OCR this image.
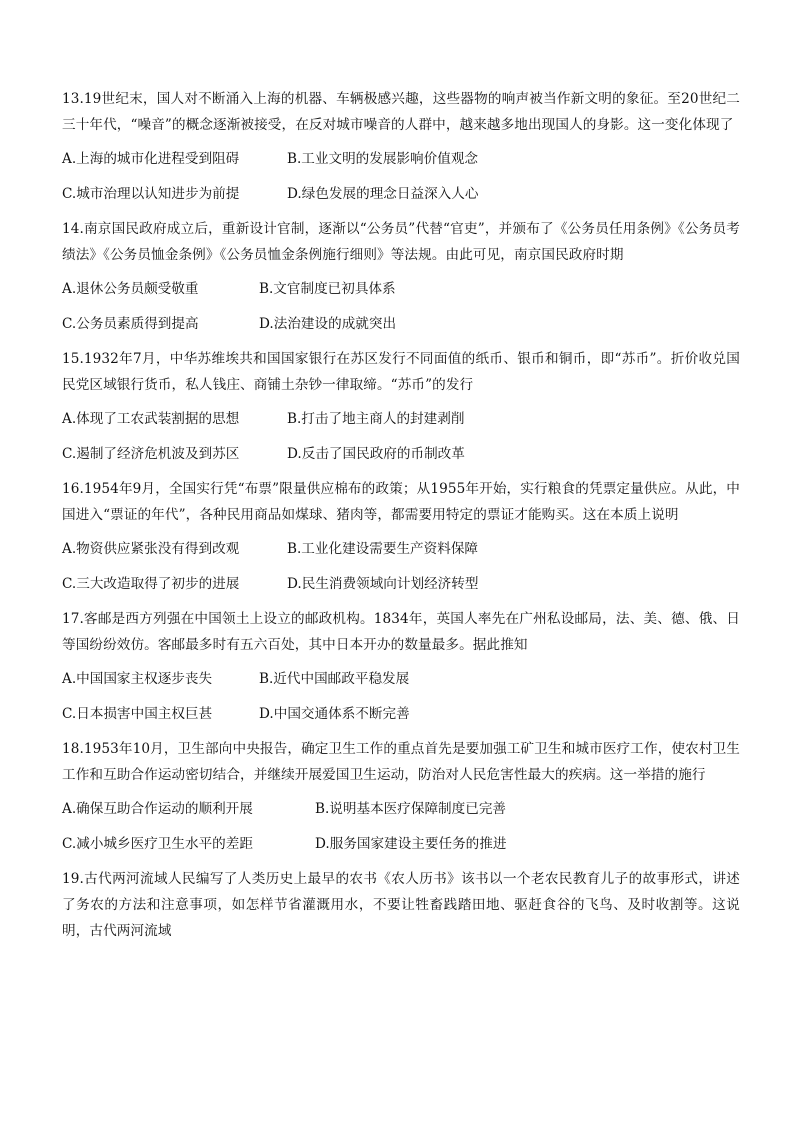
13.19世纪末，国人对不断涌入上海的机器、车辆极感兴趣，这些器物的响声被当作新文明的象征。至20世纪二三十年代，“噪音”的概念逐渐被接受，在反对城市噪音的人群中，越来越多地出现国人的身影。这一变化体现了

A.上海的城市化进程受到阻碍	B.工业文明的发展影响价值观念
C.城市治理以认知进步为前提	D.绿色发展的理念日益深入人心

14.南京国民政府成立后，重新设计官制，逐渐以“公务员”代替“官吏”，并颁布了《公务员任用条例》《公务员考绩法》《公务员恤金条例》《公务员恤金条例施行细则》等法规。由此可见，南京国民政府时期

A.退休公务员颇受敬重	B.文官制度已初具体系
C.公务员素质得到提高	D.法治建设的成就突出

15.1932年7月，中华苏维埃共和国国家银行在苏区发行不同面值的纸币、银币和铜币，即“苏币”。折价收兑国民党区域银行货币，私人钱庄、商铺土杂钞一律取缔。“苏币”的发行

A.体现了工农武装割据的思想	B.打击了地主商人的封建剥削
C.遏制了经济危机波及到苏区	D.反击了国民政府的币制改革

16.1954年9月，全国实行凭“布票”限量供应棉布的政策；从1955年开始，实行粮食的凭票定量供应。从此，中国进入“票证的年代”，各种民用商品如煤球、猪肉等，都需要用特定的票证才能购买。这在本质上说明

A.物资供应紧张没有得到改观	B.工业化建设需要生产资料保障
C.三大改造取得了初步的进展	D.民生消费领域向计划经济转型

17.客邮是西方列强在中国领土上设立的邮政机构。1834年，英国人率先在广州私设邮局，法、美、德、俄、日等国纷纷效仿。客邮最多时有五六百处，其中日本开办的数量最多。据此推知

A.中国国家主权逐步丧失	B.近代中国邮政平稳发展
C.日本损害中国主权巨甚	D.中国交通体系不断完善

18.1953年10月，卫生部向中央报告，确定卫生工作的重点首先是要加强工矿卫生和城市医疗工作，使农村卫生工作和互助合作运动密切结合，并继续开展爱国卫生运动，防治对人民危害性最大的疾病。这一举措的施行

A.确保互助合作运动的顺利开展	B.说明基本医疗保障制度已完善
C.减小城乡医疗卫生水平的差距	D.服务国家建设主要任务的推进

19.古代两河流域人民编写了人类历史上最早的农书《农人历书》该书以一个老农民教育儿子的故事形式，讲述了务农的方法和注意事项，如怎样节省灌溉用水，不要让牲畜践踏田地、驱赶食谷的飞鸟、及时收割等。这说明，古代两河流域
